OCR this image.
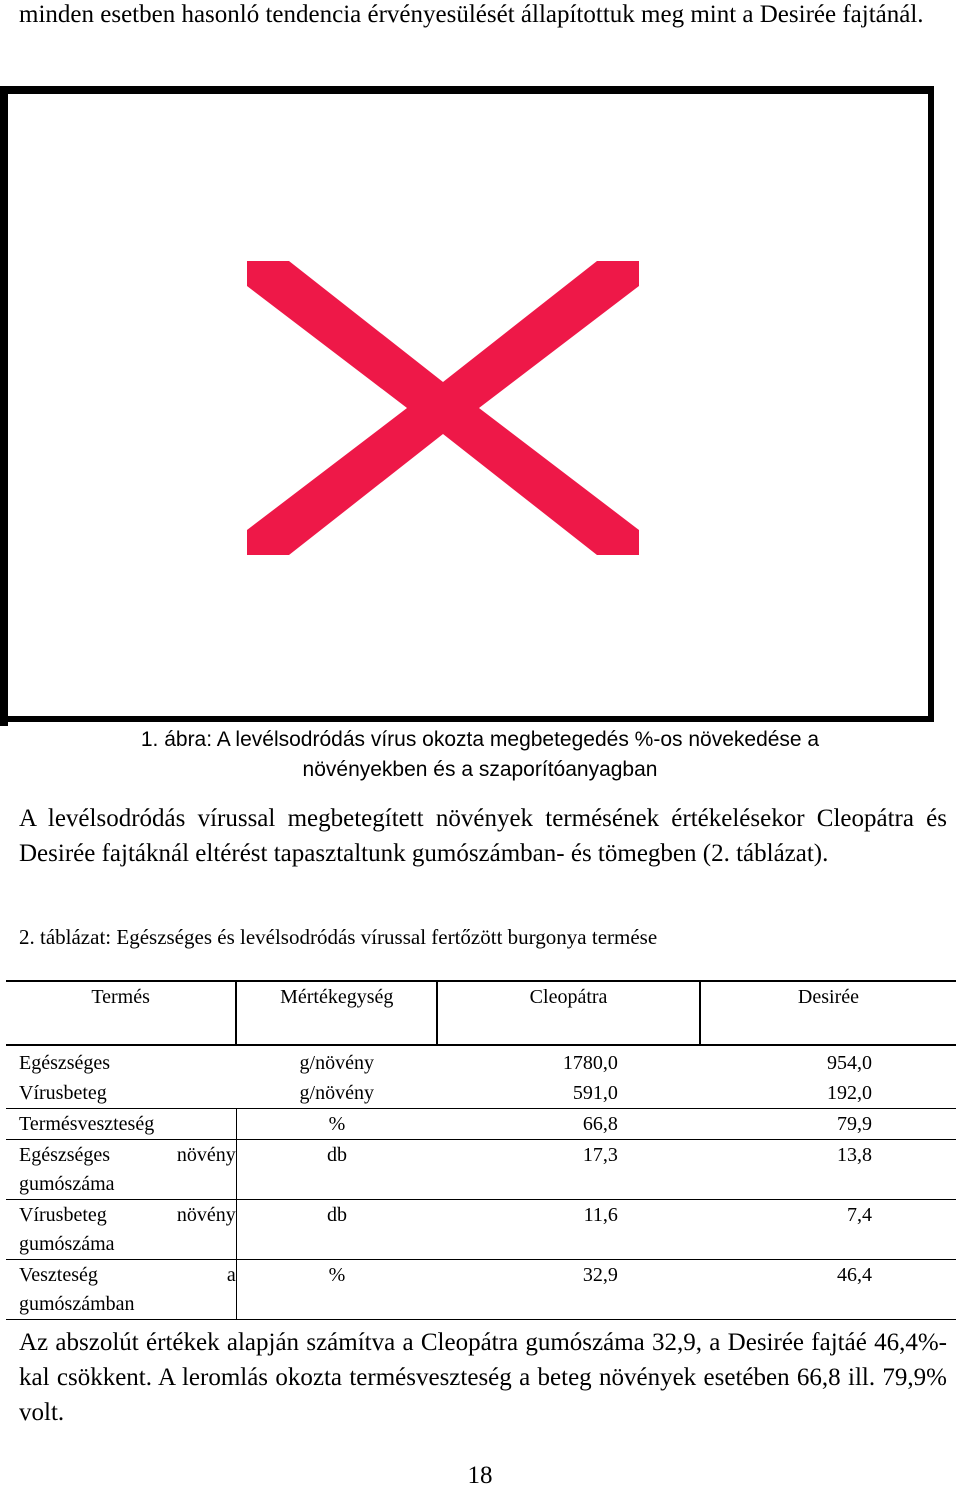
minden esetben hasonló tendencia érvényesülését állapítottuk meg mint a Desirée fajtánál.
1. ábra: A levélsodródás vírus okozta megbetegedés %-os növekedése a
növényekben és a szaporítóanyagban
A levélsodródás vírussal megbetegített növények termésének értékelésekor Cleopátra és Desirée fajtáknál eltérést tapasztaltunk gumószámban- és tömegben (2. táblázat).
2. táblázat: Egészséges és levélsodródás vírussal fertőzött burgonya termése
Termés	Mértékegység	Cleopátra	Desirée
Egészséges	g/növény	1780,0	954,0
Vírusbeteg	g/növény	591,0	192,0
Termésveszteség	%	66,8	79,9
Egészséges növény
gumószáma	db	17,3	13,8
Vírusbeteg növény
gumószáma	db	11,6	7,4
Veszteség a
gumószámban	%	32,9	46,4
Az abszolút értékek alapján számítva a Cleopátra gumószáma 32,9, a Desirée fajtáé 46,4%-kal csökkent. A leromlás okozta termésveszteség a beteg növények esetében 66,8 ill. 79,9% volt.
18
